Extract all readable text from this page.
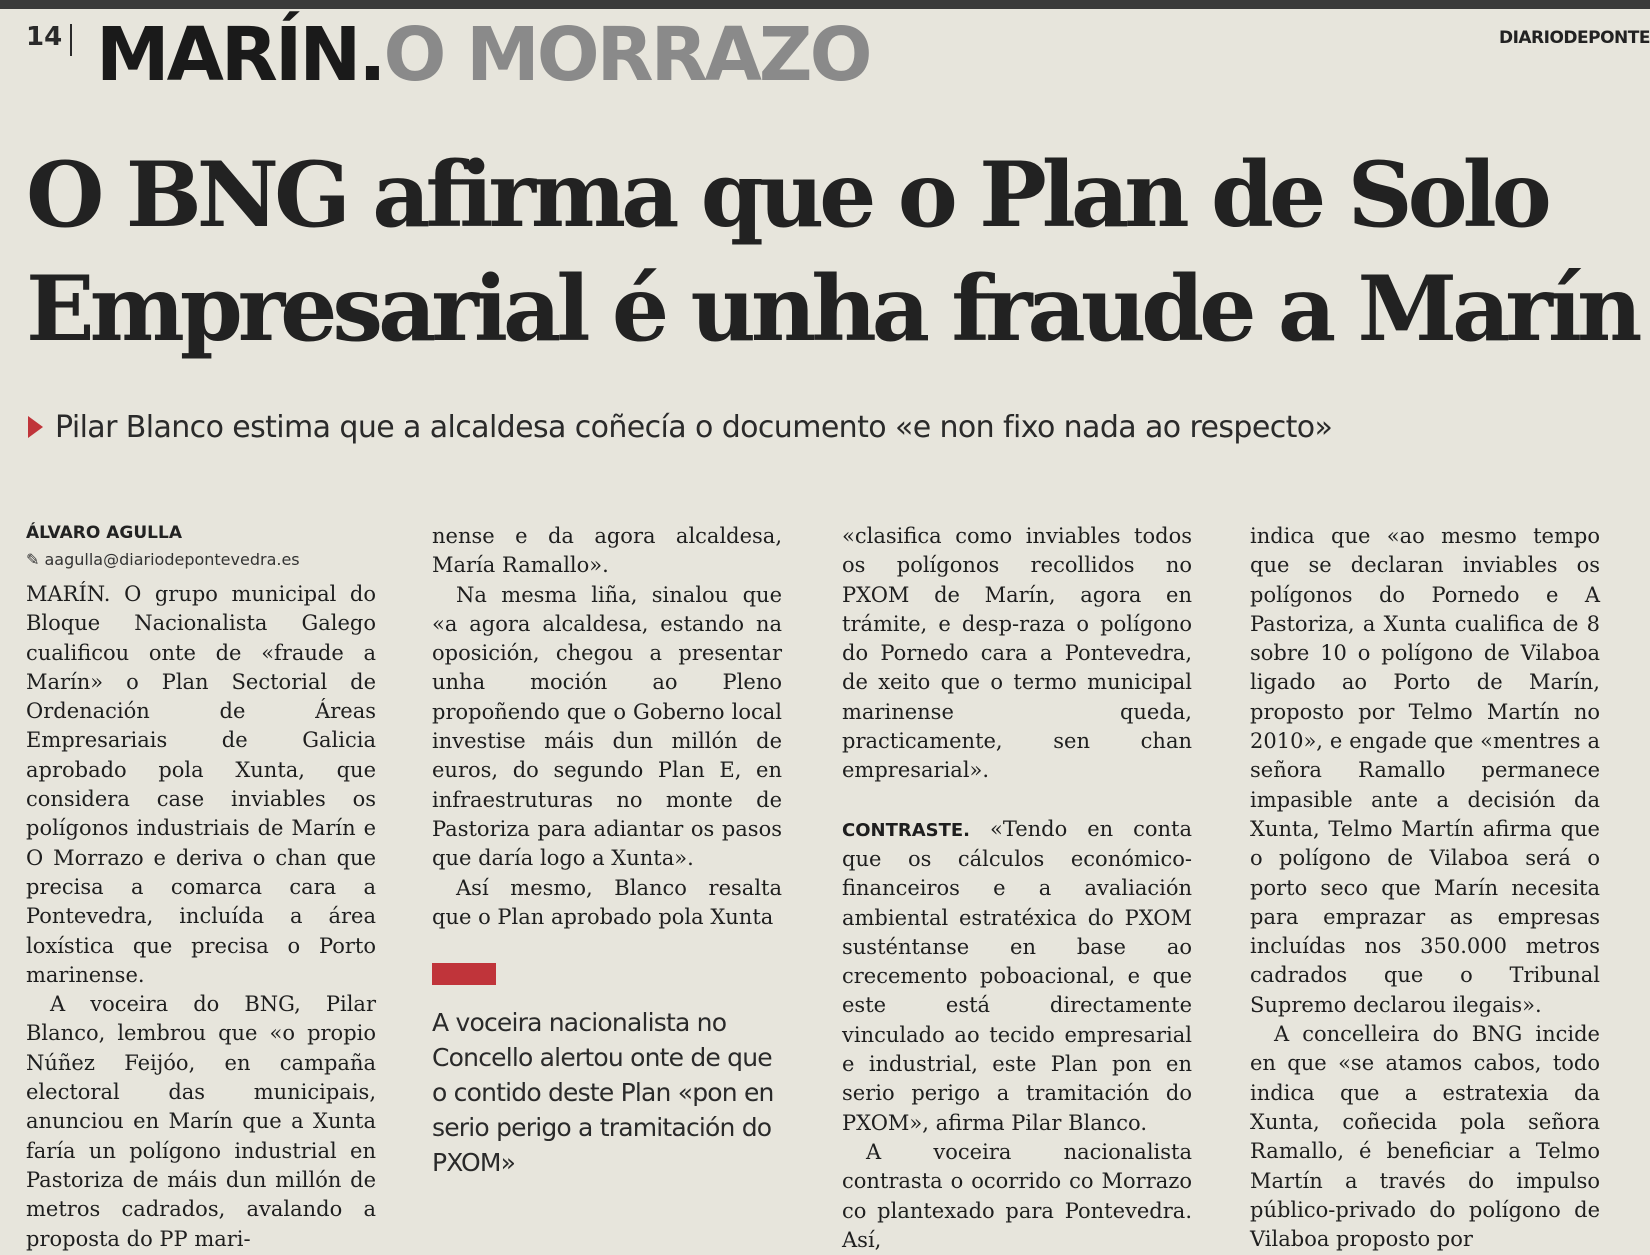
14 MARÍN.O MORRAZO	DIARIODEPONTE
O BNG afirma que o Plan de Solo
Empresarial é unha fraude a Marín
Pilar Blanco estima que a alcaldesa coñecía o documento «e non fixo nada ao respecto»
ÁLVARO AGULLA
✎ aagulla@diariodepontevedra.es

MARÍN. O grupo municipal do Bloque Nacionalista Galego cualificou onte de «fraude a Marín» o Plan Sectorial de Ordenación de Áreas Empresariais de Galicia aprobado pola Xunta, que considera case inviables os polígonos industriais de Marín e O Morrazo e deriva o chan que precisa a comarca cara a Pontevedra, incluída a área loxística que precisa o Porto marinense.

A voceira do BNG, Pilar Blanco, lembrou que «o propio Núñez Feijóo, en campaña electoral das municipais, anunciou en Marín que a Xunta faría un polígono industrial en Pastoriza de máis dun millón de metros cadrados, avalando a proposta do PP mari-

nense e da agora alcaldesa, María Ramallo».

Na mesma liña, sinalou que «a agora alcaldesa, estando na oposición, chegou a presentar unha moción ao Pleno propoñendo que o Goberno local investise máis dun millón de euros, do segundo Plan E, en infraestruturas no monte de Pastoriza para adiantar os pasos que daría logo a Xunta».

Así mesmo, Blanco resalta que o Plan aprobado pola Xunta

A voceira nacionalista no Concello alertou onte de que o contido deste Plan «pon en serio perigo a tramitación do PXOM»

«clasifica como inviables todos os polígonos recollidos no PXOM de Marín, agora en trámite, e desp-raza o polígono do Pornedo cara a Pontevedra, de xeito que o termo municipal marinense queda, practicamente, sen chan empresarial».

CONTRASTE. «Tendo en conta que os cálculos económico-financeiros e a avaliación ambiental estratéxica do PXOM susténtanse en base ao crecemento poboacional, e que este está directamente vinculado ao tecido empresarial e industrial, este Plan pon en serio perigo a tramitación do PXOM», afirma Pilar Blanco.

A voceira nacionalista contrasta o ocorrido co Morrazo co plantexado para Pontevedra. Así,

indica que «ao mesmo tempo que se declaran inviables os polígonos do Pornedo e A Pastoriza, a Xunta cualifica de 8 sobre 10 o polígono de Vilaboa ligado ao Porto de Marín, proposto por Telmo Martín no 2010», e engade que «mentres a señora Ramallo permanece impasible ante a decisión da Xunta, Telmo Martín afirma que o polígono de Vilaboa será o porto seco que Marín necesita para emprazar as empresas incluídas nos 350.000 metros cadrados que o Tribunal Supremo declarou ilegais».

A concelleira do BNG incide en que «se atamos cabos, todo indica que a estratexia da Xunta, coñecida pola señora Ramallo, é beneficiar a Telmo Martín a través do impulso público-privado do polígono de Vilaboa proposto por
